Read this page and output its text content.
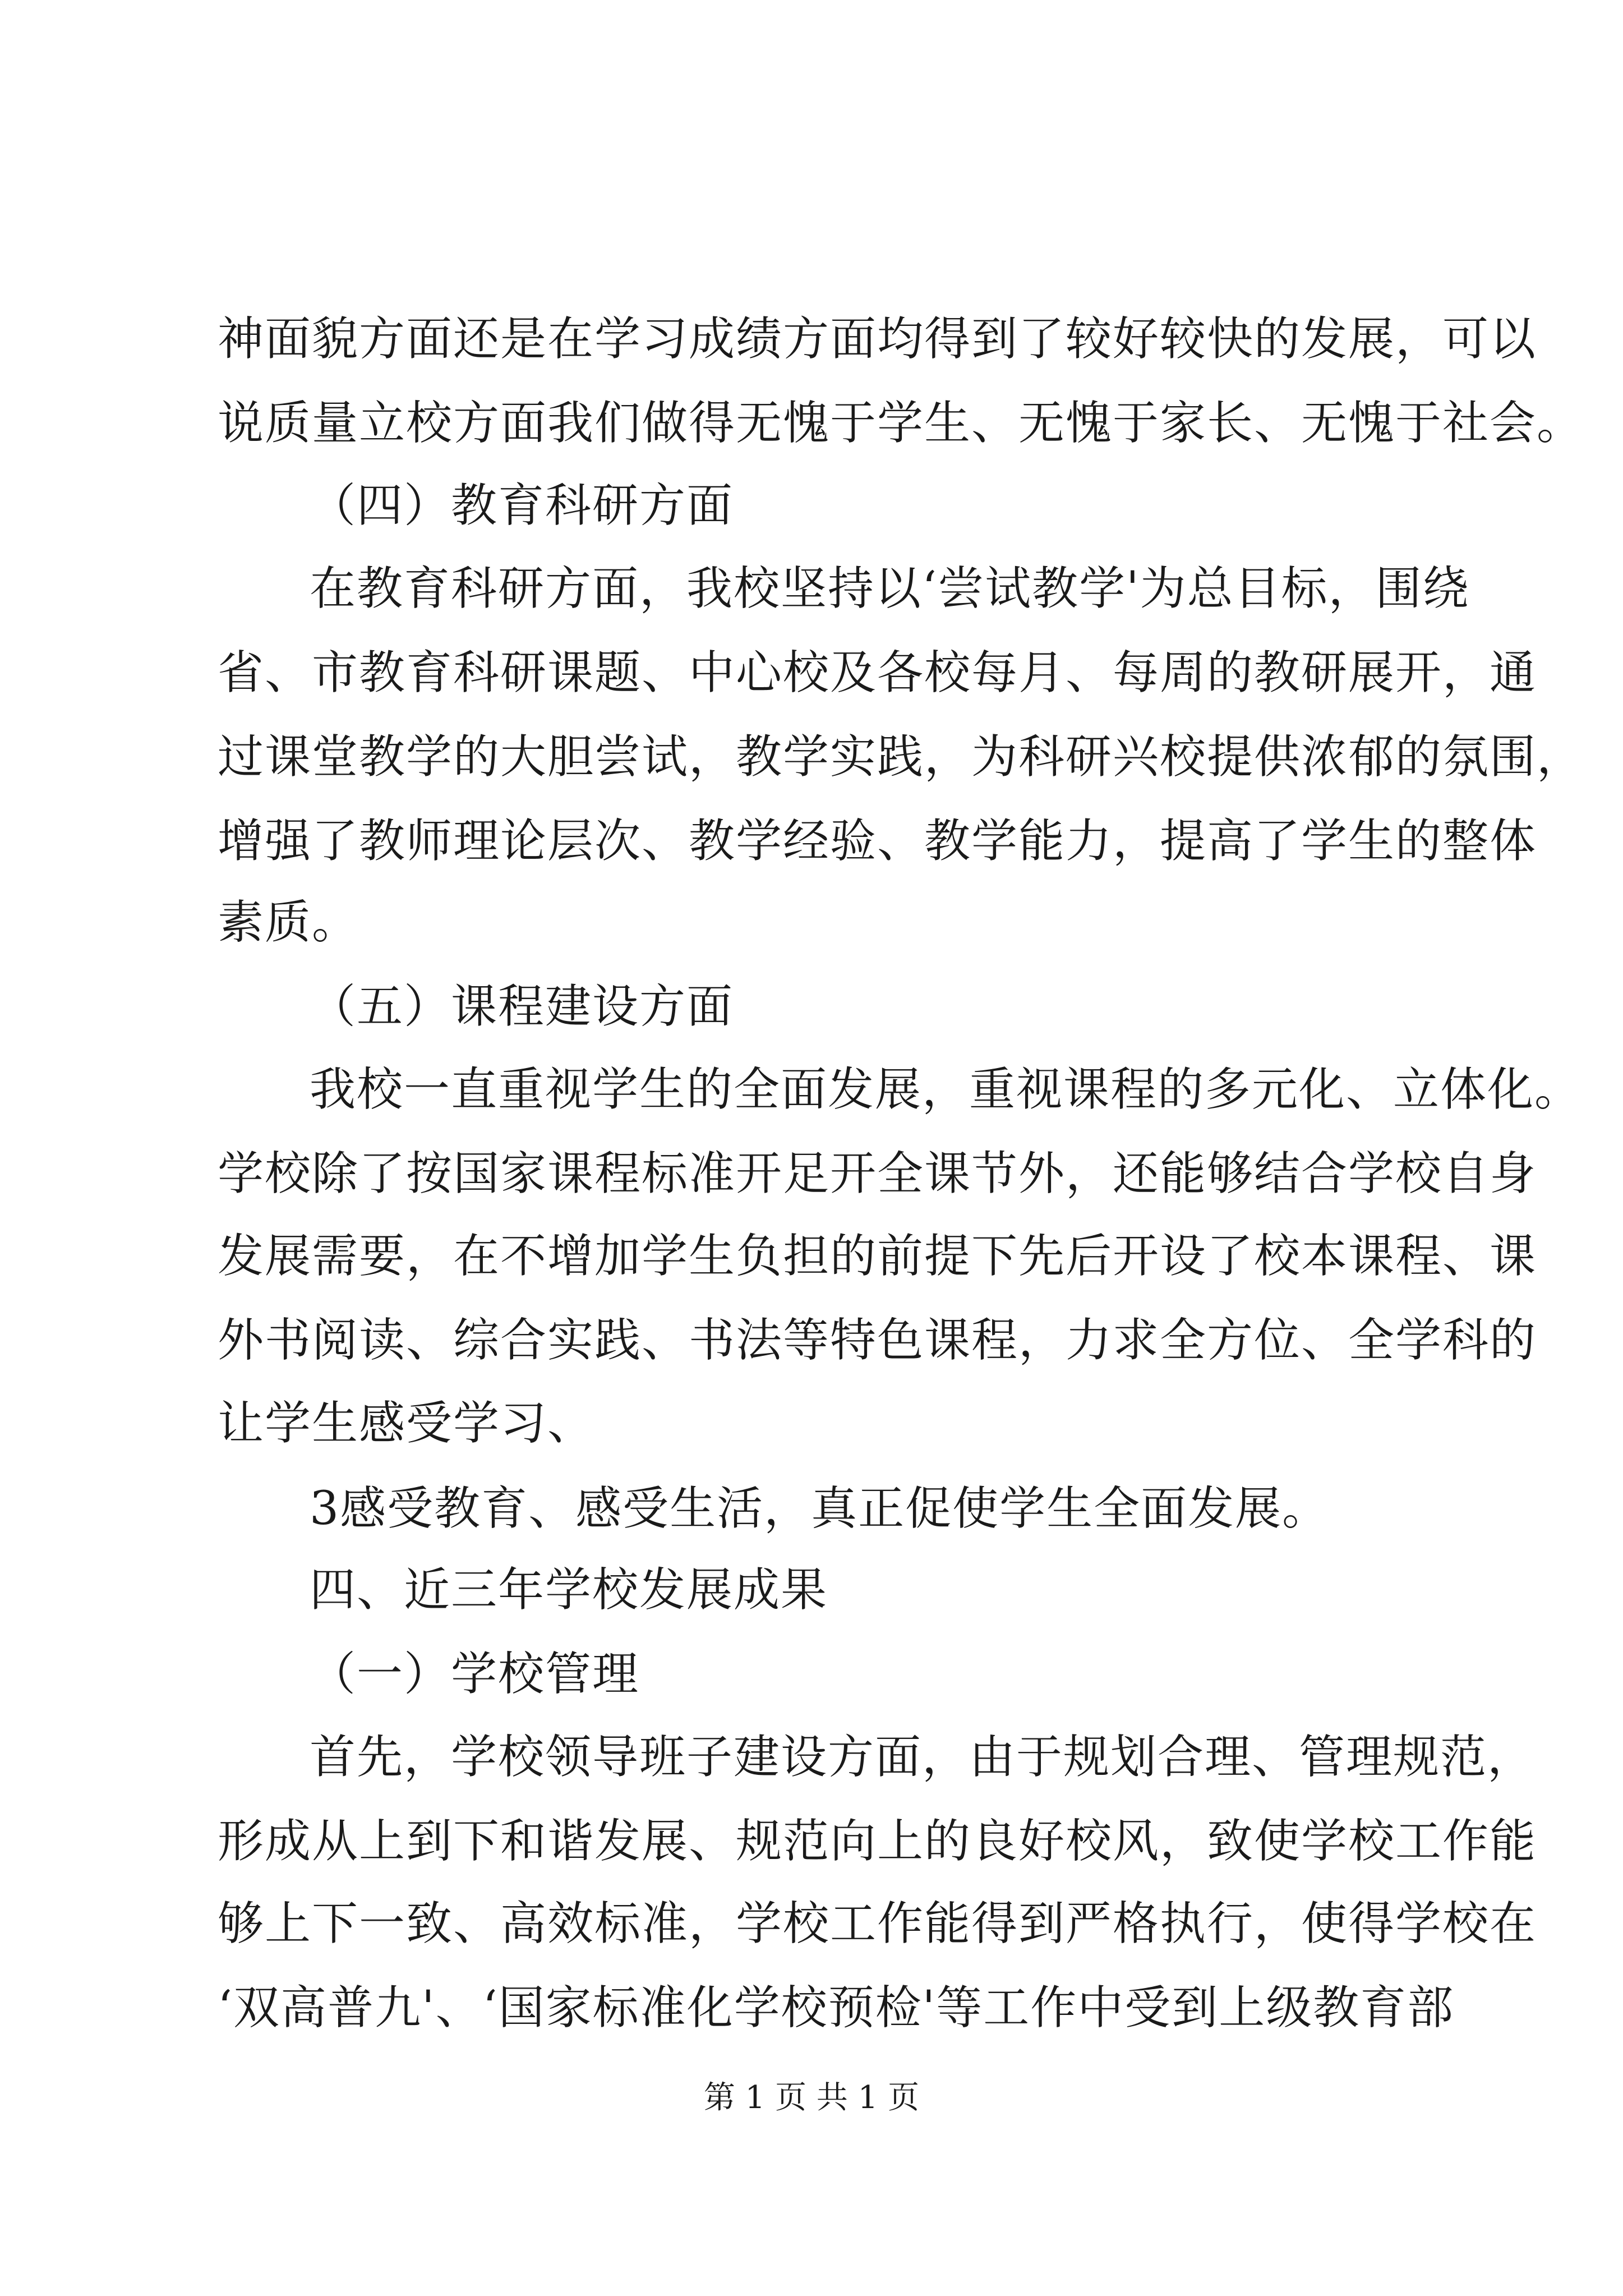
神面貌方面还是在学习成绩方面均得到了较好较快的发展，可以
说质量立校方面我们做得无愧于学生、无愧于家长、无愧于社会。
（四）教育科研方面
在教育科研方面，我校坚持以‘尝试教学'为总目标，围绕
省、市教育科研课题、中心校及各校每月、每周的教研展开，通
过课堂教学的大胆尝试，教学实践，为科研兴校提供浓郁的氛围，
增强了教师理论层次、教学经验、教学能力，提高了学生的整体
素质。
（五）课程建设方面
我校一直重视学生的全面发展，重视课程的多元化、立体化。
学校除了按国家课程标准开足开全课节外，还能够结合学校自身
发展需要，在不增加学生负担的前提下先后开设了校本课程、课
外书阅读、综合实践、书法等特色课程，力求全方位、全学科的
让学生感受学习、
3感受教育、感受生活，真正促使学生全面发展。
四、近三年学校发展成果
（一）学校管理
首先，学校领导班子建设方面，由于规划合理、管理规范，
形成从上到下和谐发展、规范向上的良好校风，致使学校工作能
够上下一致、高效标准，学校工作能得到严格执行，使得学校在
‘双高普九'、‘国家标准化学校预检'等工作中受到上级教育部
第 1 页 共 1 页
